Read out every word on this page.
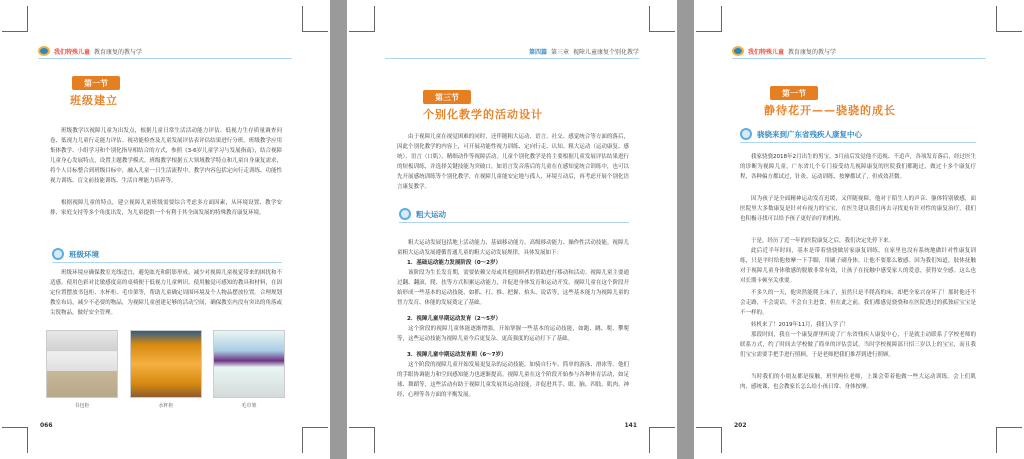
我们特殊儿童 教育康复的教与学
第一节
班级建立

班级教学以视障儿童为出发点，根据儿童日常生活活动能力评估、低视力生存质量调查问卷、低视力儿童行走能力评估、视功能检查及儿童发展评估表评估结果进行分班。班级教学应用集体教学、小组学习和个别化指导相结合的方式，参照《3-6岁儿童学习与发展指南》，结合视障儿童身心发展特点，设置主题教学模式。班级教学根据五大领域教学特点和儿童自身康复需求，将个人目标整合到班级目标中，融入儿童一日生活流程中，教学内容包括定向行走训练、功能性视力训练、盲文前技能训练、生活自理能力培养等。

根据视障儿童的特点，建立视障儿童班级需要综合考虑多方面因素，从环境设置、教学安排、家庭支持等多个角度出发，为儿童提供一个有利于其全面发展的特殊教育康复环境。

班级环境

班级环境应确保教室光线适宜，避免眩光和阴影形成，减少对视障儿童视觉带来的困扰和不适感。使用色彩对比敏感度高的桌椅便于低视力儿童辨识。使用触觉可感知的教具和材料，在固定位置摆放书包柜、水杯柜、毛巾架等，帮助儿童确定周围环境及个人物品摆放位置。合理规划教室布局，减少不必要的物品，为视障儿童创建足够的活动空间，确保教室内没有突出的角落或尖锐物品，做好安全管理。

书包柜	水杯柜	毛巾架
066
第四篇 第三章 视障儿童康复个别化教学
第三节
个别化教学的活动设计

由于视障儿童在视觉困难的同时，还伴随粗大运动、语言、社交、感觉统合等方面的落后，因此个别化教学的内容上，可开展功能性视力训练、定向行走、认知、粗大运动（运动康复、感统）、语言（口肌）、精细动作等视障活动。儿童个别化教学是将主要根据儿童发展评估结果进行的短板训练，并选择关键技能为突破口。如语言发音落后的儿童在在感知觉统合训练中，也可以先开展感统训练等个别化教学，在视障儿童能安定地与孤人、环境互动后，再考虑开展个别化语言康复教学。

粗大运动

粗大运动发展包括地上活动能力、基础移动能力、高级移动能力、操作性活动技能。视障儿童粗大运动发展遵循普通儿童的粗大运动发展规律，具体发展如下：

1．基础运动能力发展阶段（0～2岁）

该阶段为生长发育期，需要依赖父母或其他照顾者的帮助进行移动和活动。视障儿童主要通过翻、翻滚、爬、扶等方式积累运动能力，并促进身体发育和运动开发。视障儿童在这个阶段开始形成一些基本的运动技能，如抓、打、推、把握、抬头、说话等，这些基本能力为视障儿童的智力发育、体能的发展奠定了基础。

2．视障儿童早期运动发育（2～5岁）

这个阶段的视障儿童体能逐渐增强，开始掌握一些基本的运动技能，如跑、跳、爬、攀爬等，这些运动技能为视障儿童今后更复杂、更高强度的运动打下了基础。

3．视障儿童中期运动发育期（6～7岁）

这个阶段的视障儿童开始发展更复杂的运动技能，如骑自行车、简单的游泳、滑冰等。他们的手眼协调能力和空间感知能力也逐渐提高。视障儿童在这个阶段开始参与各种体育活动，如足球、舞蹈等，这些活动有助于视障儿童发展其运动技能，并促进其手、眼、脑、四肢、肌肉、神经、心理等各方面的平衡发展。

141
我们特殊儿童 教育康复的教与学
第一节
静待花开——骁骁的成长
骁骁来到广东省残疾人康复中心

我家骁骁2018年2月出生的男宝，3月前后发觉他不追视、不追声，各项发育落后，经过医生的诊断为视障儿童。广东省几个专门接受幼儿视障康复的医院我们都跑过，做过十多个康复疗程，各种偏方都试过，针灸、运动训练、按摩都试了，但成效甚微。

因为孩子是全面精神运动发育迟缓，又伴随视障，他对于陌生人的声音、躯体特别敏感，面医院里大多数康复是针对有视力的宝宝，在医生建议我们再去寻找更有针对性的康复治疗，我们也积极寻找可以给予孩子更好治疗的机构。

于是，经历了近一年的医院康复之后，我们决定先停下来。

此后近半年时间，基本是带着骁骁做居家康复训练，在家里也没有系统地做针对性康复训练，只是平时给他按摩一下手脚，用刷子刷身体，让他不要那么敏感。因为我们知道，肢体抚触对于视障儿童身体敏感的脱敏非常有效，让孩子在抚触中感受家人的爱意，获得安全感。这么也对长期卡顿至关重要。

不多久的一天，他突然能爬上床了，虽然只是半爬高的床，却把全家兴奋坏了！那时他还不会走路，不会说话，不会自主进食，但在此之前，我们都感觉骁骁和在医院透过的孤独症宝宝是不一样的。

转机来了！2019年11月，我们入学了！

那段时间，我在一个康复群里听说了广东省残疾人康复中心，于是就主动联系了学校老师的联系方式，约了时间去学校做了简单的评估尝试。当时学校视障部只招三岁以上的宝宝，而且我们宝宝需要手把手进行照顾，于是老师把我们推荐到进行照顾。

当时我们的小朋友都是接触，班里两位老师，上课会带着他做一些大运动训练。会上们肌肉、感统课，也会教家长怎么给小孩日常、身体按摩。

202
